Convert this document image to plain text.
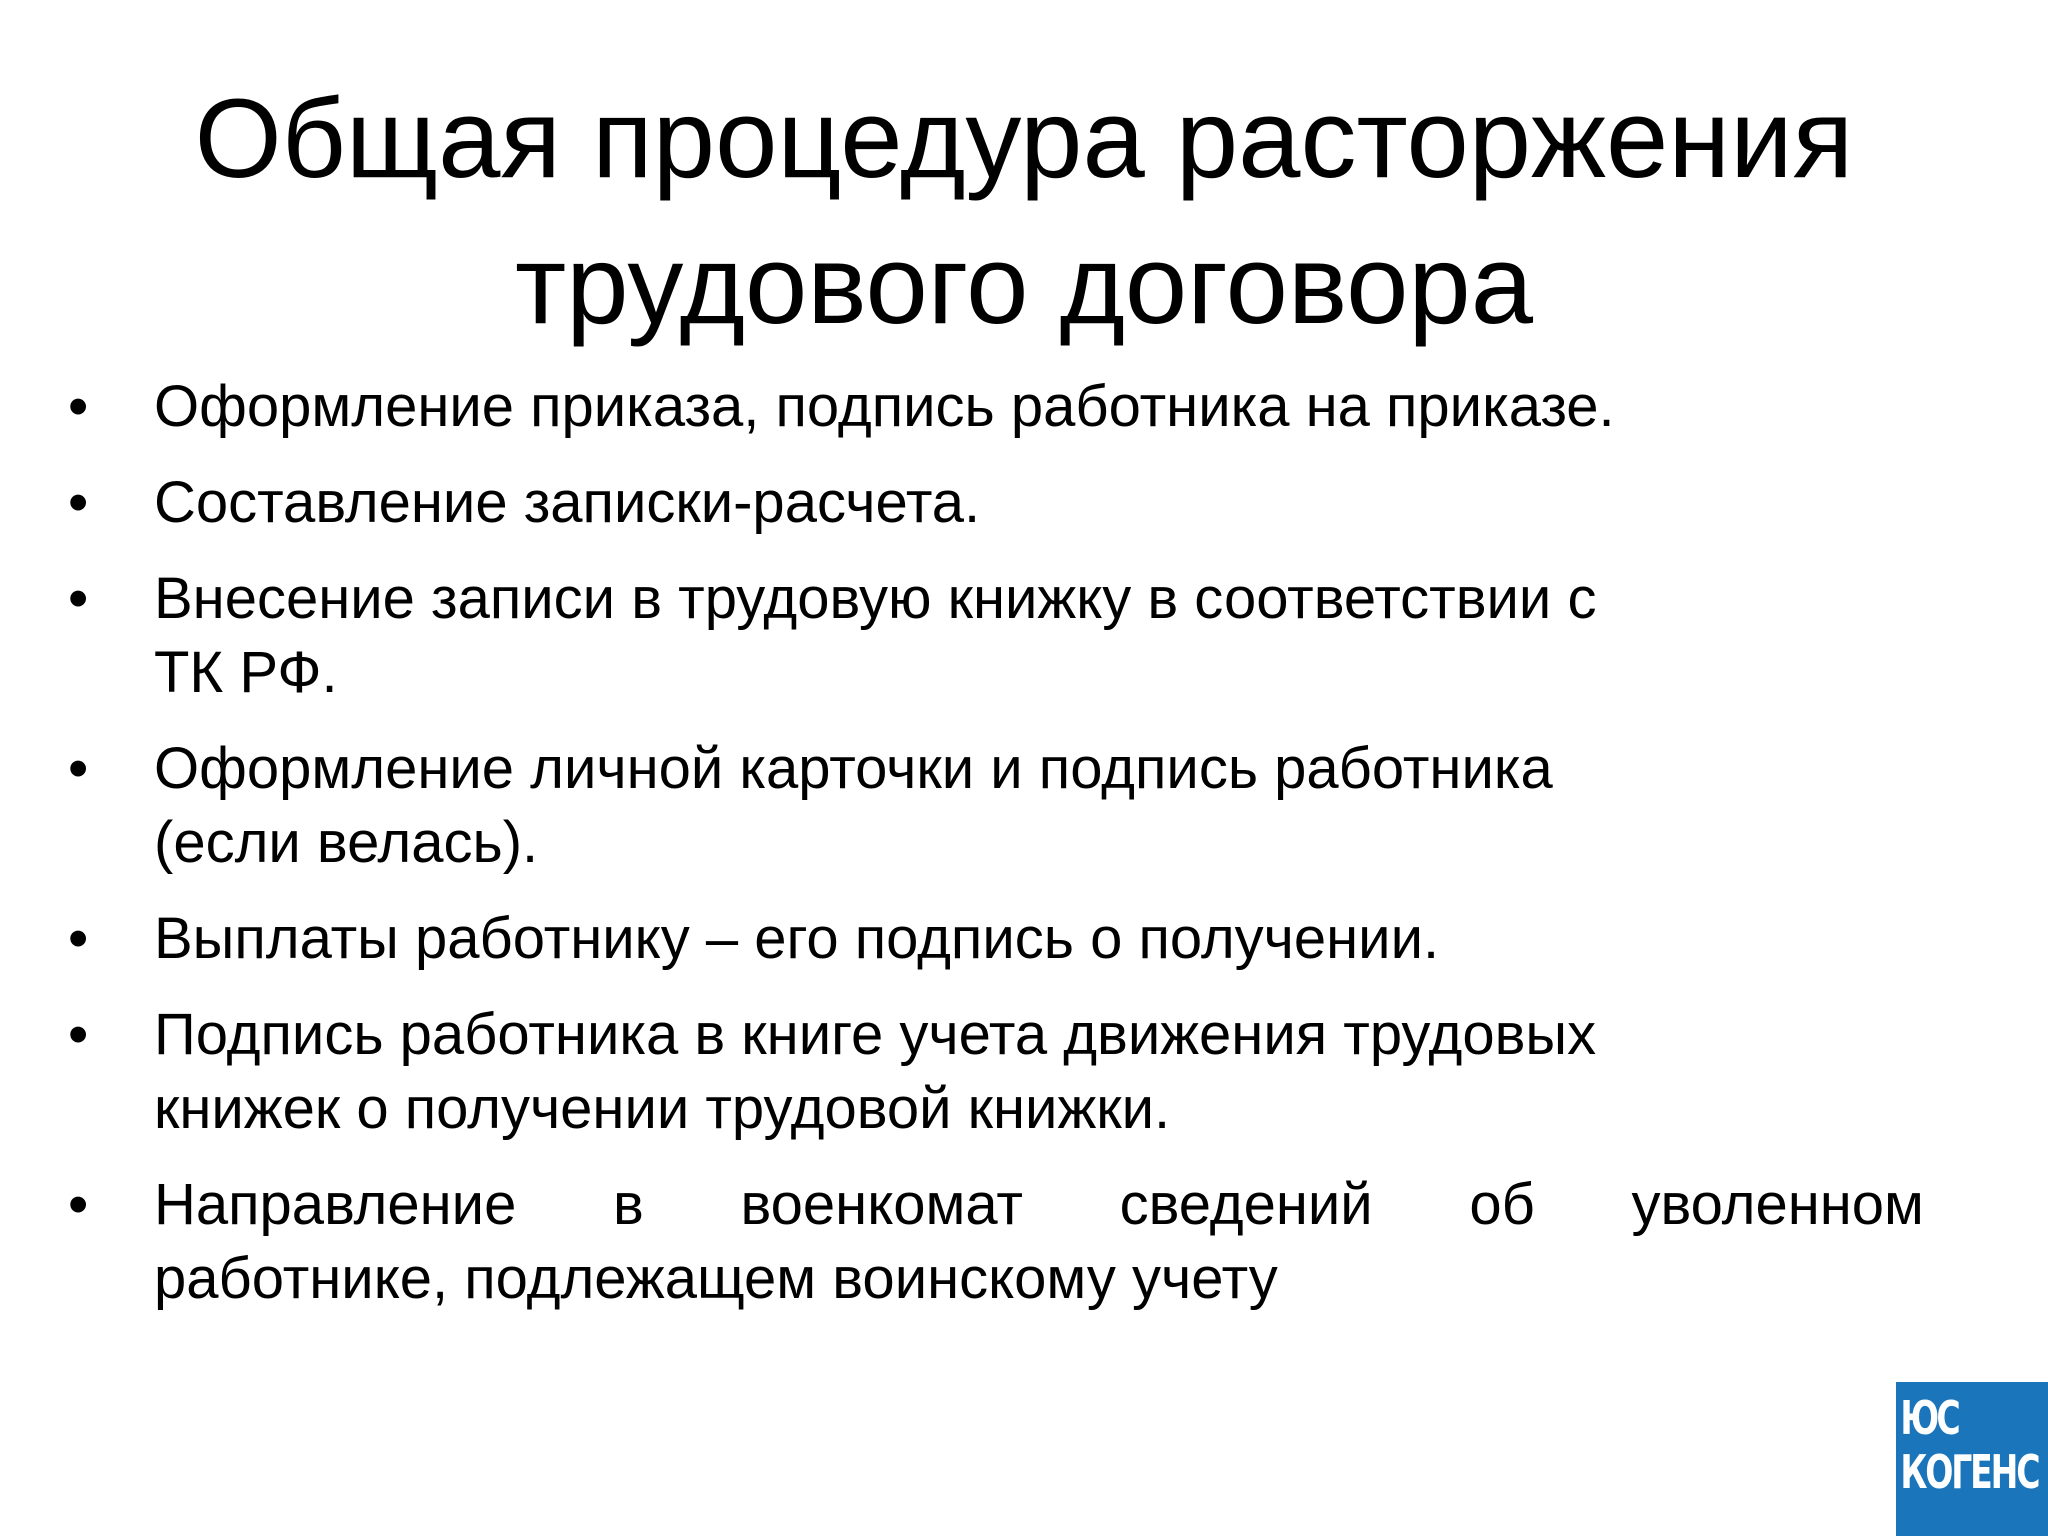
Общая процедура расторжения
трудового договора
• Оформление приказа, подпись работника на приказе.
• Составление записки-расчета.
• Внесение записи в трудовую книжку в соответствии с
ТК РФ.
• Оформление личной карточки и подпись работника
(если велась).
• Выплаты работнику – его подпись о получении.
• Подпись работника в книге учета движения трудовых
книжек о получении трудовой книжки.
• Направление в военкомат сведений об уволенном
работнике, подлежащем воинскому учету
ЮС
КОГЕНС
